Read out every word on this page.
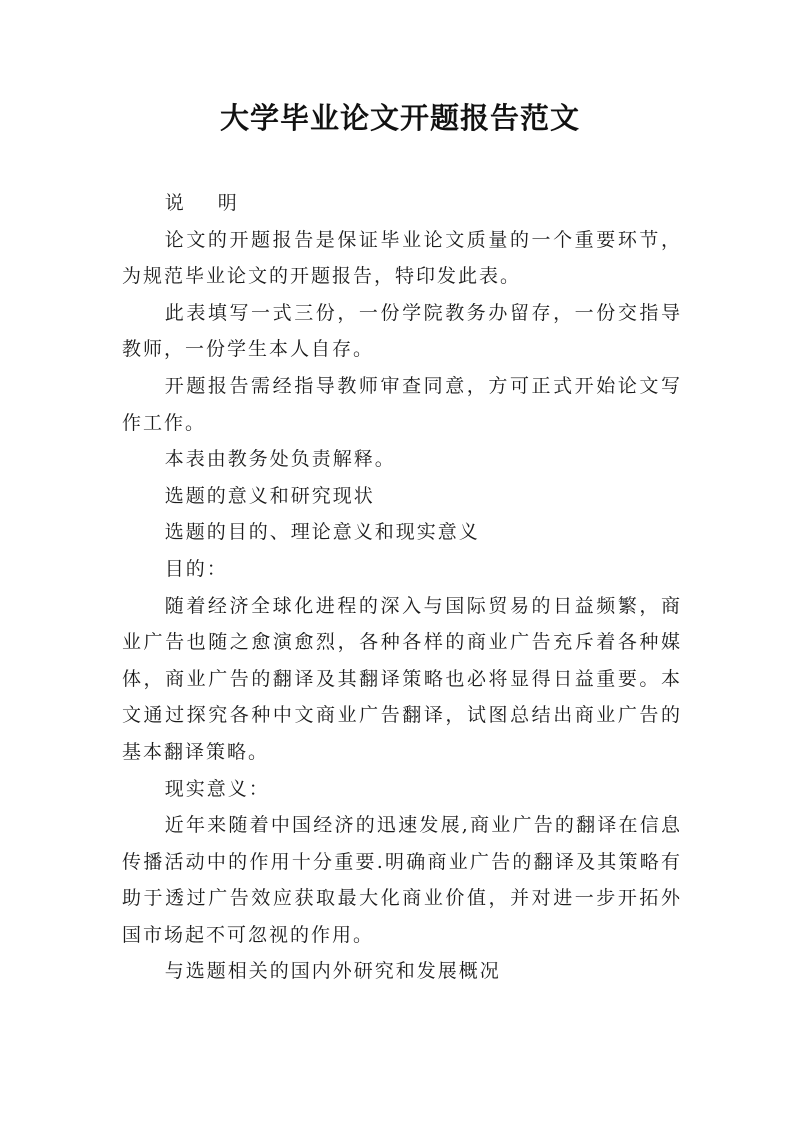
大学毕业论文开题报告范文

说 明

论文的开题报告是保证毕业论文质量的一个重要环节，为规范毕业论文的开题报告，特印发此表。

此表填写一式三份，一份学院教务办留存，一份交指导教师，一份学生本人自存。

开题报告需经指导教师审查同意，方可正式开始论文写作工作。

本表由教务处负责解释。

选题的意义和研究现状

选题的目的、理论意义和现实意义

目的：

随着经济全球化进程的深入与国际贸易的日益频繁，商业广告也随之愈演愈烈，各种各样的商业广告充斥着各种媒体，商业广告的翻译及其翻译策略也必将显得日益重要。本文通过探究各种中文商业广告翻译，试图总结出商业广告的基本翻译策略。

现实意义：

近年来随着中国经济的迅速发展,商业广告的翻译在信息传播活动中的作用十分重要.明确商业广告的翻译及其策略有助于透过广告效应获取最大化商业价值，并对进一步开拓外国市场起不可忽视的作用。

与选题相关的国内外研究和发展概况
